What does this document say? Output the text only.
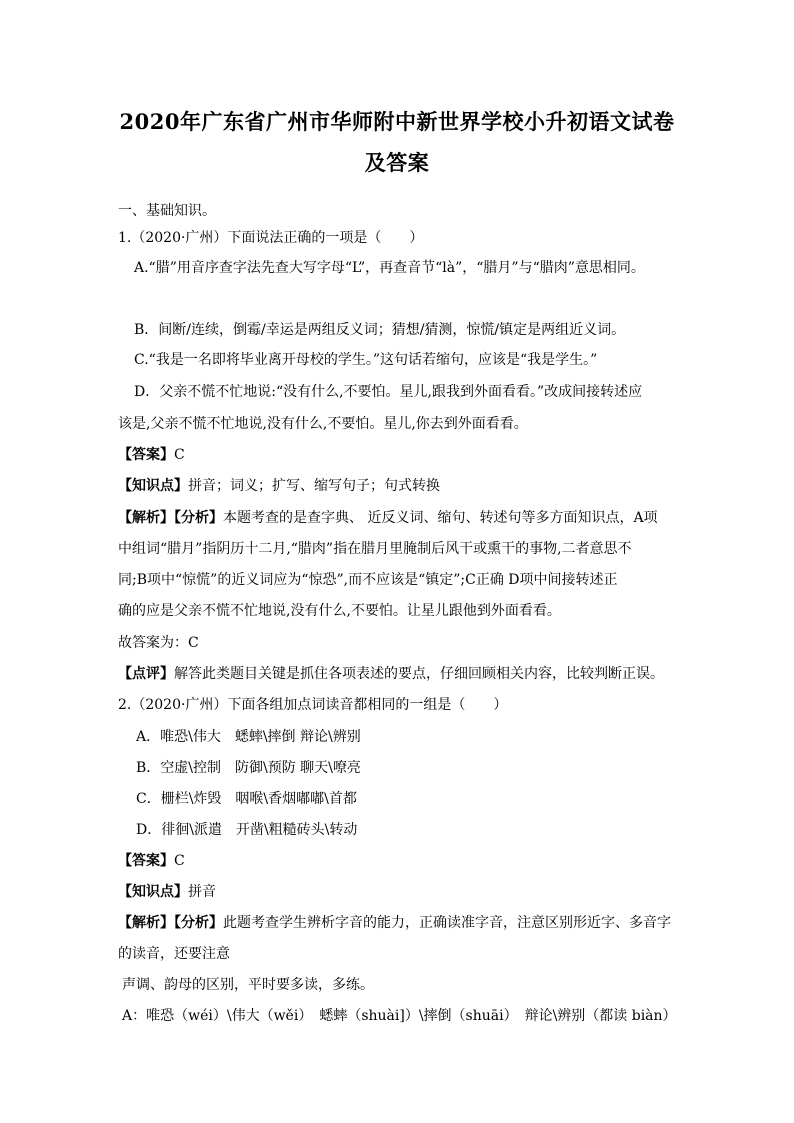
2020年广东省广州市华师附中新世界学校小升初语文试卷
及答案
一、基础知识。
1.（2020·广州）下面说法正确的一项是（　　）
A.“腊”用音序查字法先查大写字母“L”，再查音节“là”，“腊月”与“腊肉”意思相同。
B．间断/连续，倒霉/幸运是两组反义词；猜想/猜测，惊慌/镇定是两组近义词。
C.“我是一名即将毕业离开母校的学生。”这句话若缩句，应该是“我是学生。”
D．父亲不慌不忙地说:“没有什么,不要怕。星儿,跟我到外面看看。”改成间接转述应
该是,父亲不慌不忙地说,没有什么,不要怕。星儿,你去到外面看看。
【答案】C
【知识点】拼音；词义；扩写、缩写句子；句式转换
【解析】【分析】本题考查的是查字典、 近反义词、缩句、转述句等多方面知识点，A项
中组词“腊月”指阴历十二月,“腊肉”指在腊月里腌制后风干或熏干的事物,二者意思不
同;B项中“惊慌”的近义词应为“惊恐”,而不应该是“镇定”;C正确 D项中间接转述正
确的应是父亲不慌不忙地说,没有什么,不要怕。让星儿跟他到外面看看。
故答案为：C
【点评】解答此类题目关键是抓住各项表述的要点，仔细回顾相关内容，比较判断正误。
2.（2020·广州）下面各组加点词读音都相同的一组是（　　）
A．唯恐\伟大　蟋蟀\摔倒 辩论\辨别
B．空虚\控制　防御\预防 聊天\嘹亮
C．栅栏\炸毁　咽喉\香烟嘟嘟\首都
D．徘徊\派遣　开凿\粗糙砖头\转动
【答案】C
【知识点】拼音
【解析】【分析】此题考查学生辨析字音的能力，正确读准字音，注意区别形近字、多音字
的读音，还要注意
声调、韵母的区别，平时要多读，多练。
A：唯恐（wéi）\伟大（wěi）　蟋蟀（shuài]）\摔倒（shuāi）　辩论\辨别（都读 biàn）
